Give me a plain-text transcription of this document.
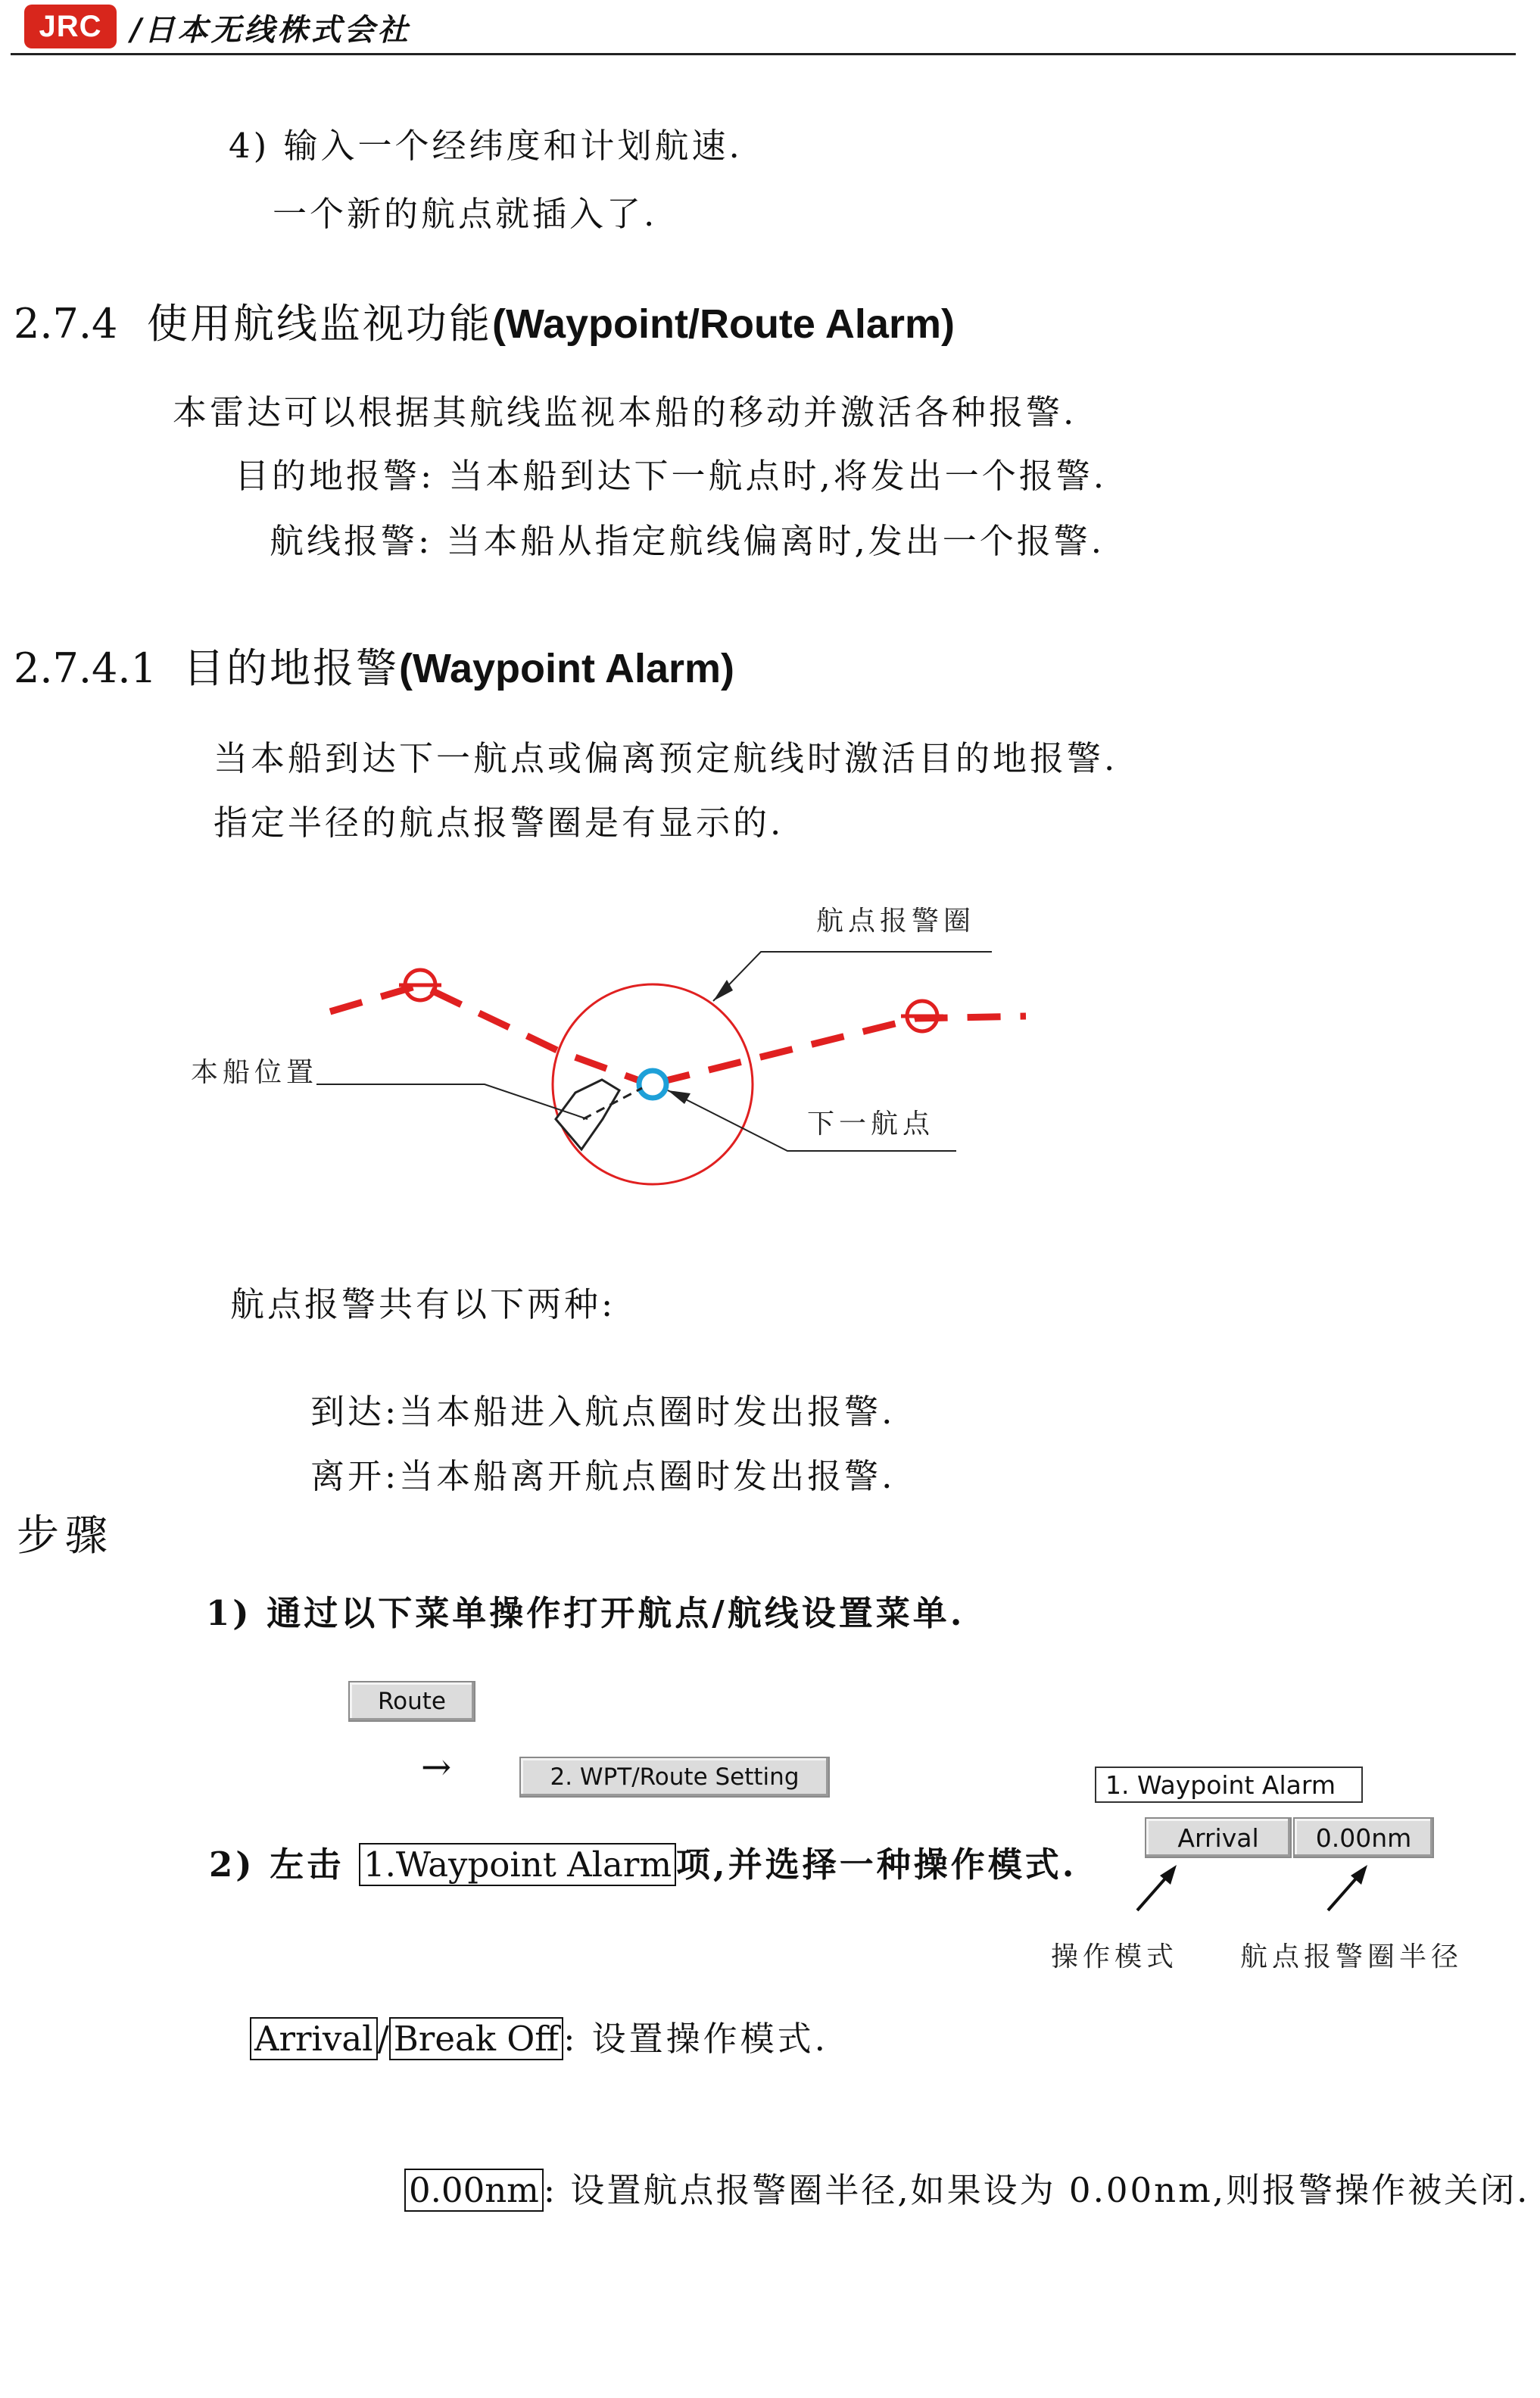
JRC /日本无线株式会社
4) 输入一个经纬度和计划航速.
一个新的航点就插入了.
2.7.4 使用航线监视功能(Waypoint/Route Alarm)
本雷达可以根据其航线监视本船的移动并激活各种报警.
目的地报警: 当本船到达下一航点时,将发出一个报警.
航线报警: 当本船从指定航线偏离时,发出一个报警.
2.7.4.1 目的地报警(Waypoint Alarm)
当本船到达下一航点或偏离预定航线时激活目的地报警.
指定半径的航点报警圈是有显示的.
航点报警圈
本船位置
下一航点
航点报警共有以下两种:
到达:当本船进入航点圈时发出报警.
离开:当本船离开航点圈时发出报警.
步骤
1) 通过以下菜单操作打开航点/航线设置菜单.
Route
→	2. WPT/Route Setting
2) 左击 1.Waypoint Alarm 项,并选择一种操作模式.
1. Waypoint Alarm
Arrival	0.00nm
操作模式 航点报警圈半径
Arrival / Break Off : 设置操作模式.
0.00nm : 设置航点报警圈半径,如果设为 0.00nm,则报警操作被关闭.
